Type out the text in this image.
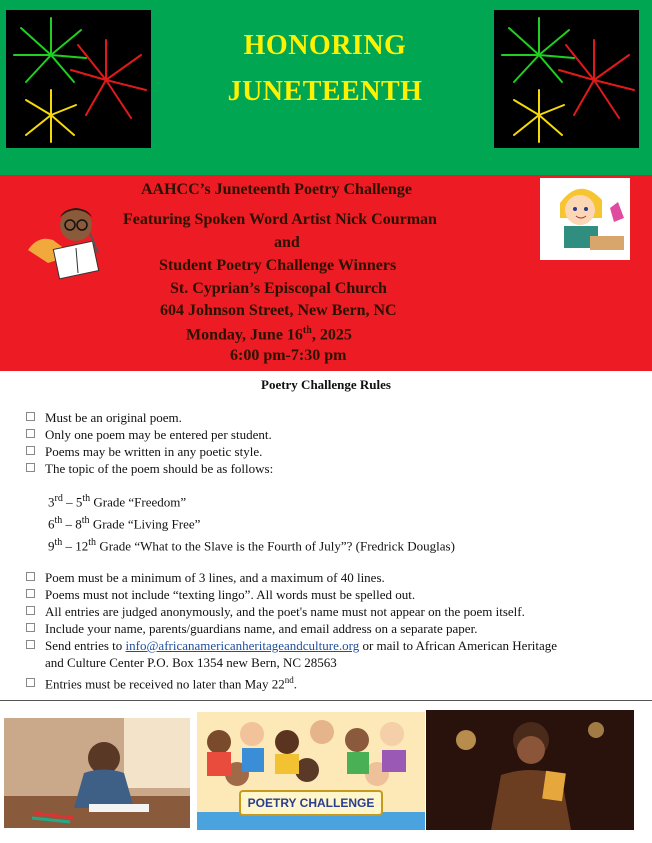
HONORING
JUNETEENTH
AAHCC’s Juneteenth Poetry Challenge
Featuring Spoken Word Artist Nick Courman
and
Student Poetry Challenge Winners
St. Cyprian’s Episcopal Church
604 Johnson Street, New Bern, NC
Monday, June 16th, 2025
6:00 pm-7:30 pm
Poetry Challenge Rules
Must be an original poem.
Only one poem may be entered per student.
Poems may be written in any poetic style.
The topic of the poem should be as follows:
3rd – 5th Grade “Freedom”
6th – 8th Grade “Living Free”
9th – 12th Grade “What to the Slave is the Fourth of July”? (Fredrick Douglas)
Poem must be a minimum of 3 lines, and a maximum of 40 lines.
Poems must not include “texting lingo”. All words must be spelled out.
All entries are judged anonymously, and the poet's name must not appear on the poem itself.
Include your name, parents/guardians name, and email address on a separate paper.
Send entries to info@africanamericanheritageandculture.org or mail to African American Heritage
and Culture Center P.O. Box 1354 new Bern, NC 28563
Entries must be received no later than May 22nd.
POETRY CHALLENGE
